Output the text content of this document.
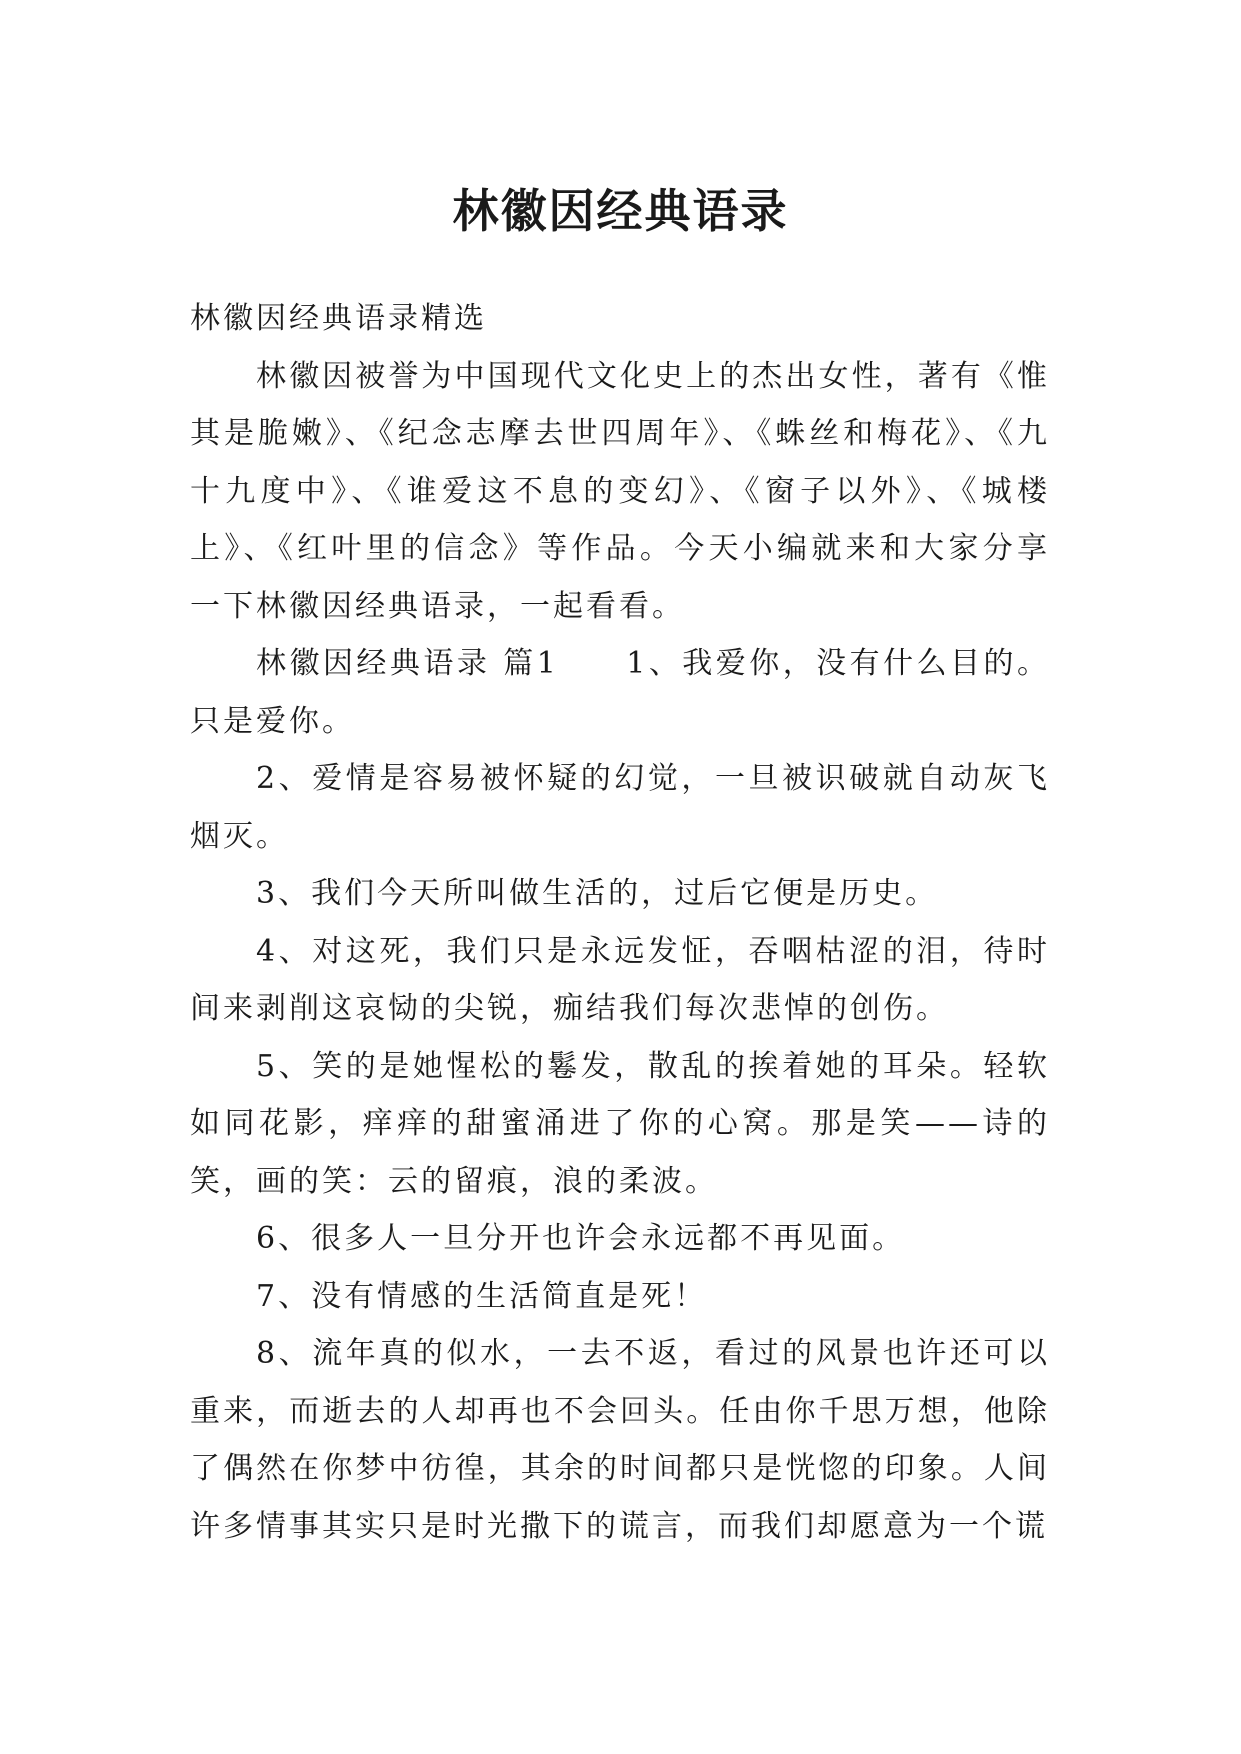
林徽因经典语录

林徽因经典语录精选

林徽因被誉为中国现代文化史上的杰出女性，著有《惟其是脆嫩》、《纪念志摩去世四周年》、《蛛丝和梅花》、《九十九度中》、《谁爱这不息的变幻》、《窗子以外》、《城楼上》、《红叶里的信念》等作品。今天小编就来和大家分享一下林徽因经典语录，一起看看。

林徽因经典语录 篇1　　1、我爱你，没有什么目的。只是爱你。

2、爱情是容易被怀疑的幻觉，一旦被识破就自动灰飞烟灭。

3、我们今天所叫做生活的，过后它便是历史。

4、对这死，我们只是永远发怔，吞咽枯涩的泪，待时间来剥削这哀恸的尖锐，痂结我们每次悲悼的创伤。

5、笑的是她惺松的鬈发，散乱的挨着她的耳朵。轻软如同花影，痒痒的甜蜜涌进了你的心窝。那是笑——诗的笑，画的笑：云的留痕，浪的柔波。

6、很多人一旦分开也许会永远都不再见面。

7、没有情感的生活简直是死！

8、流年真的似水，一去不返，看过的风景也许还可以重来，而逝去的人却再也不会回头。任由你千思万想，他除了偶然在你梦中彷徨，其余的时间都只是恍惚的印象。人间许多情事其实只是时光撒下的谎言，而我们却愿意为一个谎
